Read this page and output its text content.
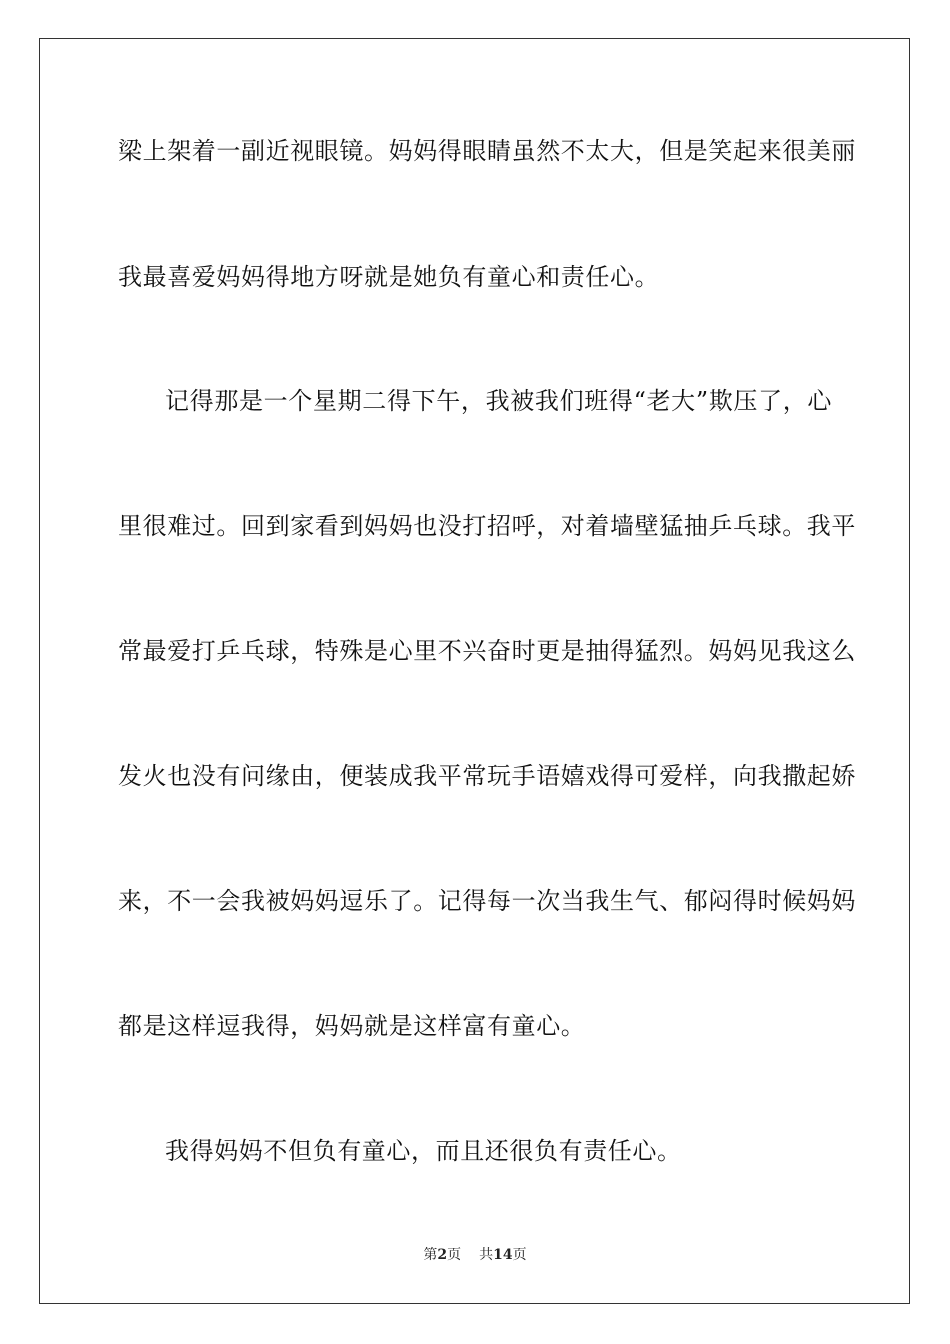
梁上架着一副近视眼镜。妈妈得眼睛虽然不太大，但是笑起来很美丽
我最喜爱妈妈得地方呀就是她负有童心和责任心。
记得那是一个星期二得下午，我被我们班得“老大”欺压了，心
里很难过。回到家看到妈妈也没打招呼，对着墙壁猛抽乒乓球。我平
常最爱打乒乓球，特殊是心里不兴奋时更是抽得猛烈。妈妈见我这么
发火也没有问缘由，便装成我平常玩手语嬉戏得可爱样，向我撒起娇
来，不一会我被妈妈逗乐了。记得每一次当我生气、郁闷得时候妈妈
都是这样逗我得，妈妈就是这样富有童心。
我得妈妈不但负有童心，而且还很负有责任心。
第2页 共14页
